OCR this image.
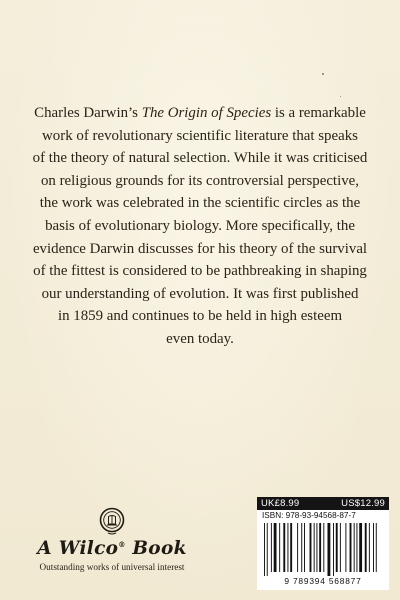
Charles Darwin’s The Origin of Species is a remarkable
work of revolutionary scientific literature that speaks
of the theory of natural selection. While it was criticised
on religious grounds for its controversial perspective,
the work was celebrated in the scientific circles as the
basis of evolutionary biology. More specifically, the
evidence Darwin discusses for his theory of the survival
of the fittest is considered to be pathbreaking in shaping
our understanding of evolution. It was first published
in 1859 and continues to be held in high esteem
even today.

A Wilco® Book
Outstanding works of universal interest
UK£8.99	US$12.99
ISBN: 978-93-94568-87-7
9 789394 568877
